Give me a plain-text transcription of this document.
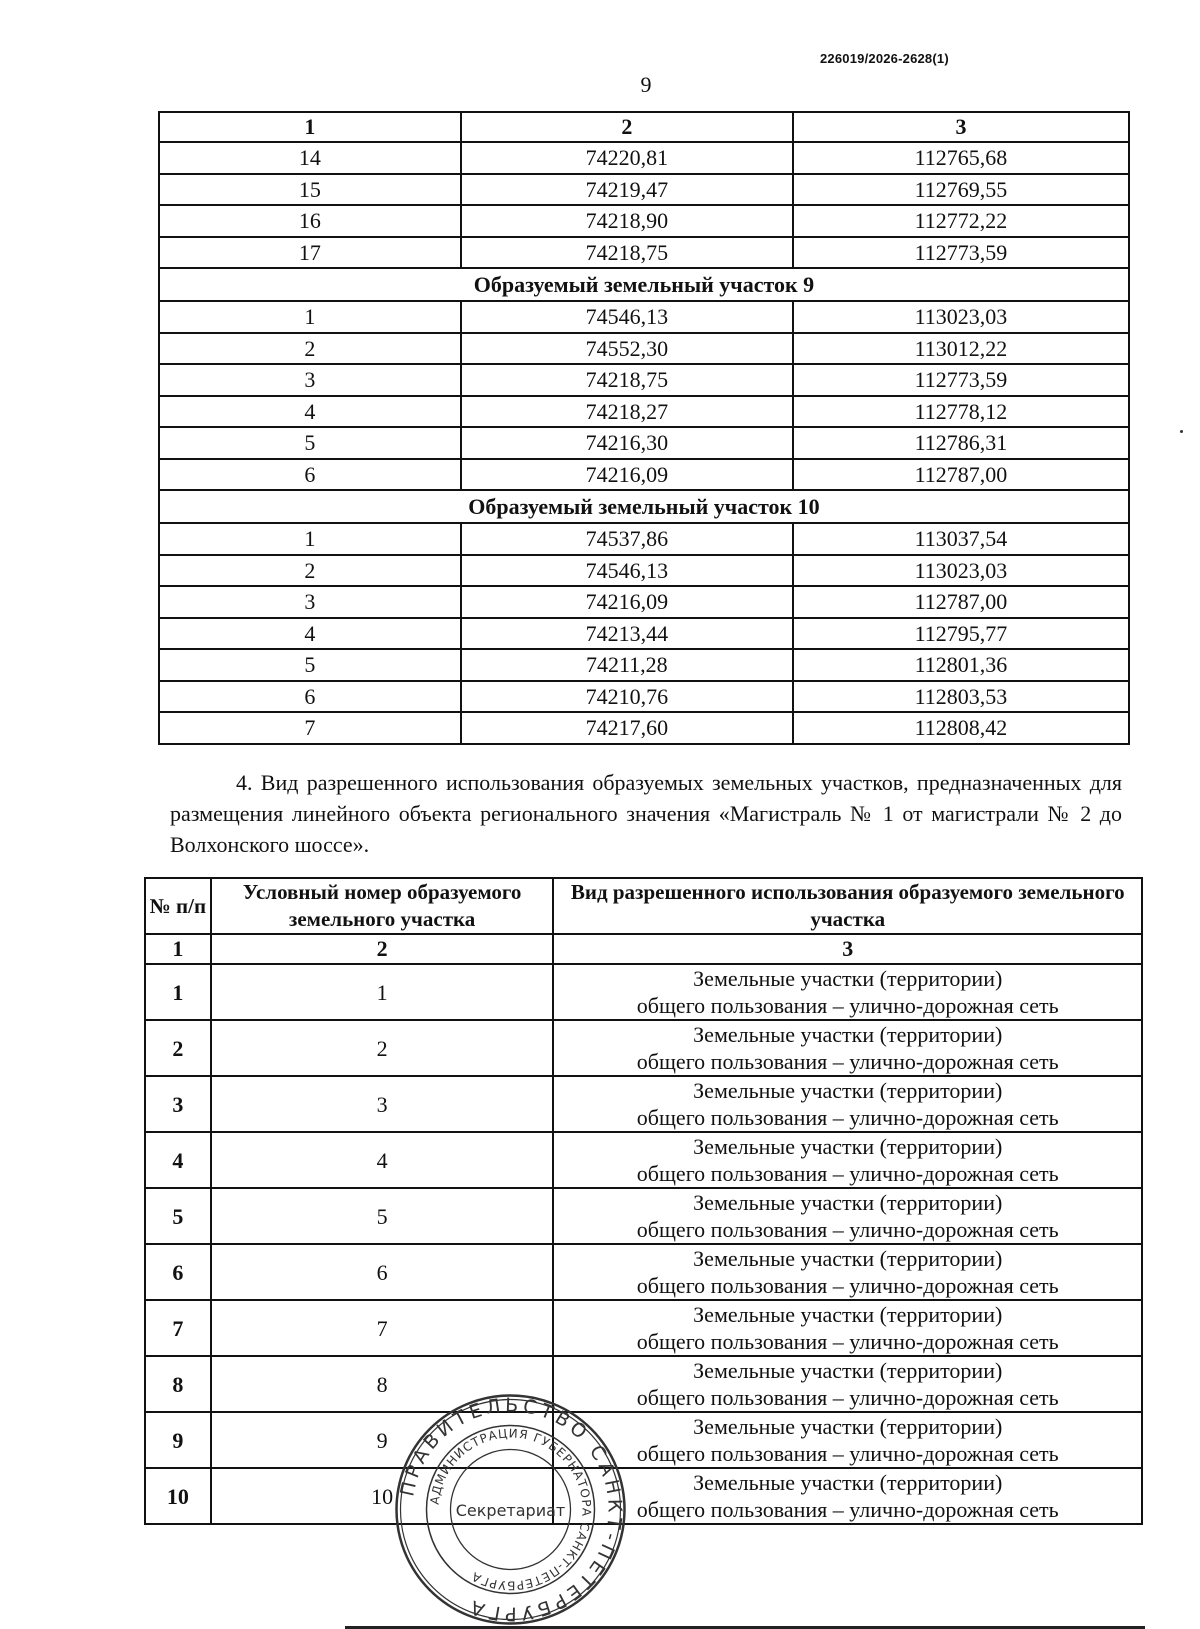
226019/2026-2628(1)
9
1	2	3
14	74220,81	112765,68
15	74219,47	112769,55
16	74218,90	112772,22
17	74218,75	112773,59
Образуемый земельный участок 9		
1	74546,13	113023,03
2	74552,30	113012,22
3	74218,75	112773,59
4	74218,27	112778,12
5	74216,30	112786,31
6	74216,09	112787,00
Образуемый земельный участок 10		
1	74537,86	113037,54
2	74546,13	113023,03
3	74216,09	112787,00
4	74213,44	112795,77
5	74211,28	112801,36
6	74210,76	112803,53
7	74217,60	112808,42
4. Вид разрешенного использования образуемых земельных участков, предназначенных для размещения линейного объекта регионального значения «Магистраль № 1 от магистрали № 2 до Волхонского шоссе».
№ п/п	Условный номер образуемого земельного участка	Вид разрешенного использования образуемого земельного участка
1	2	3
1	1	Земельные участки (территории)
общего пользования – улично-дорожная сеть

2	2	Земельные участки (территории)
общего пользования – улично-дорожная сеть

3	3	Земельные участки (территории)
общего пользования – улично-дорожная сеть

4	4	Земельные участки (территории)
общего пользования – улично-дорожная сеть

5	5	Земельные участки (территории)
общего пользования – улично-дорожная сеть

6	6	Земельные участки (территории)
общего пользования – улично-дорожная сеть

7	7	Земельные участки (территории)
общего пользования – улично-дорожная сеть

8	8	Земельные участки (территории)
общего пользования – улично-дорожная сеть

9	9	Земельные участки (территории)
общего пользования – улично-дорожная сеть

10	10	Земельные участки (территории)
общего пользования – улично-дорожная сеть
ПРАВИТЕЛЬСТВО САНКТ-ПЕТЕРБУРГА
АДМИНИСТРАЦИЯ ГУБЕРНАТОРА САНКТ-ПЕТЕРБУРГА
Секретариат
